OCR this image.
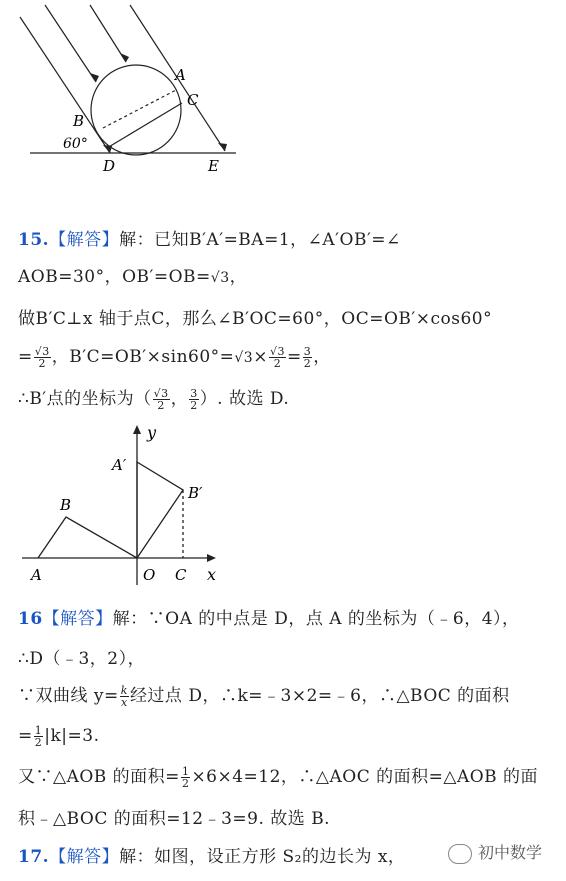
A
C
B
60°
D	E
15.【解答】解：已知B′A′=BA=1，∠A′OB′=∠
AOB=30°，OB′=OB=√3，
做B′C⊥x 轴于点C，那么∠B′OC=60°，OC=OB′×cos60°
= $\frac{√3}{2}$ ，$B'C=OB'\times\sin 60^\circ=√3\times \frac{√3}{2} = \frac{3}{2}$ ，
∴B′点的坐标为（ $\frac{√3}{2}$ ， $\frac{3}{2}$ ）. 故选 D.
y
A′
B′
B
A	O C x
16【解答】解：∵OA 的中点是 D，点 A 的坐标为（﹣6，4），
∴D（﹣3，2），
∵双曲线 $y= \frac{k}{x}$ 经过点 D，∴k=﹣3×2=﹣6，∴△BOC 的面积
= $\frac{1}{2} |k|=3$.
又∵△AOB 的面积= $\frac{1}{2} \times 6\times 4=12$，∴△AOC 的面积=△AOB 的面
积﹣△BOC 的面积=12﹣3=9. 故选 B.
17.【解答】解：如图，设正方形 S₂的边长为 x，	初中数学
